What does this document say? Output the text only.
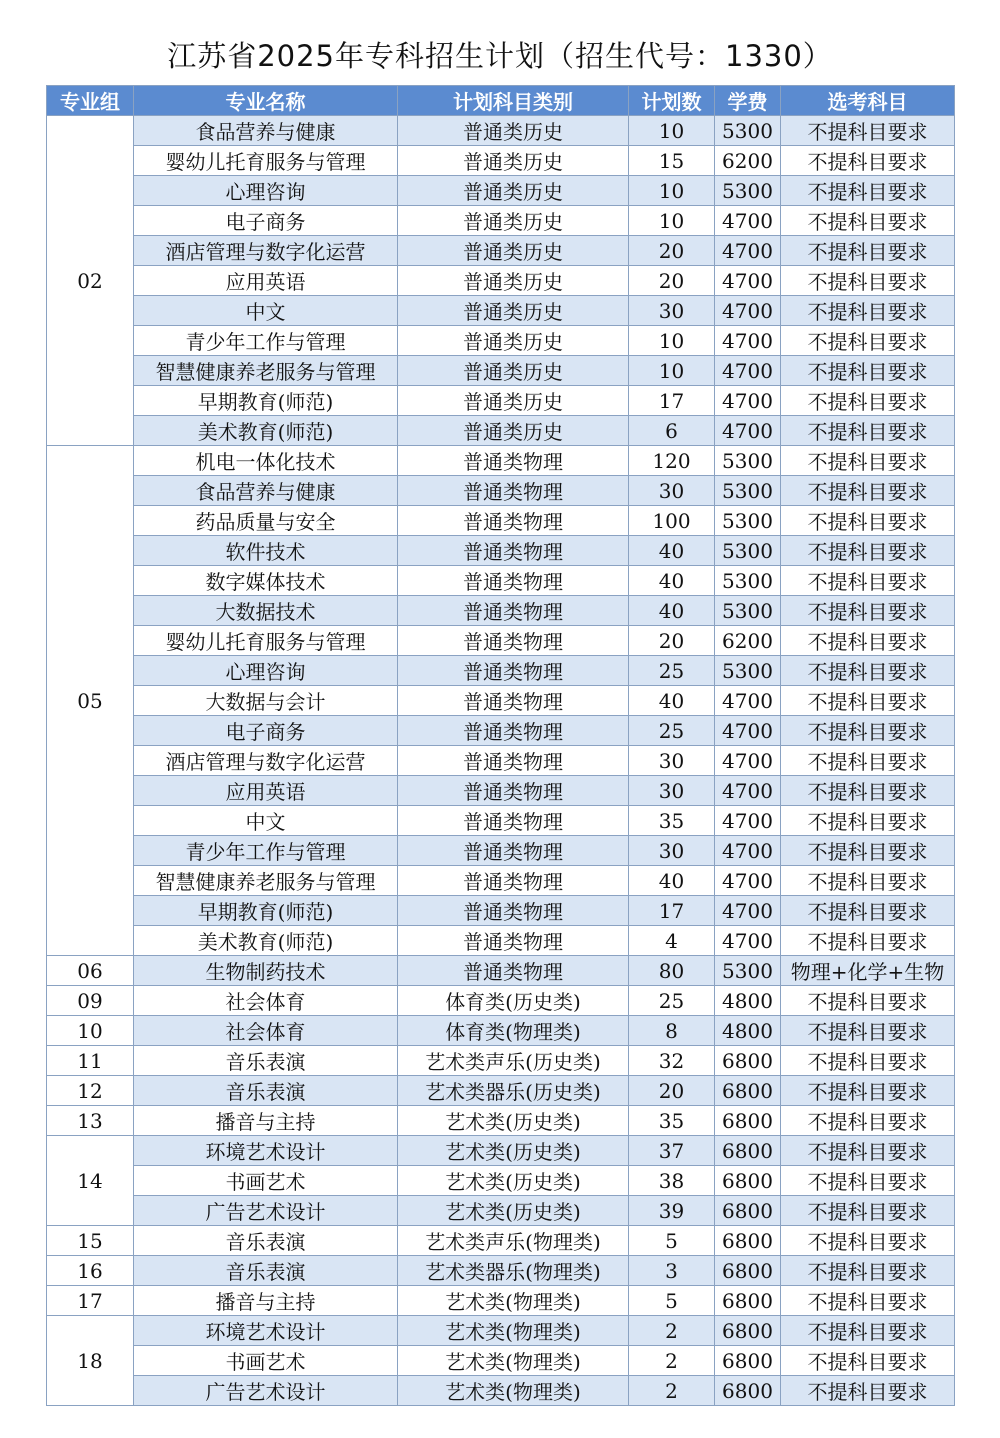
江苏省2025年专科招生计划（招生代号：1330）
专业组	专业名称	计划科目类别	计划数	学费	选考科目
02	食品营养与健康	普通类历史	10	5300	不提科目要求
	婴幼儿托育服务与管理	普通类历史	15	6200	不提科目要求
	心理咨询	普通类历史	10	5300	不提科目要求
	电子商务	普通类历史	10	4700	不提科目要求
	酒店管理与数字化运营	普通类历史	20	4700	不提科目要求
	应用英语	普通类历史	20	4700	不提科目要求
	中文	普通类历史	30	4700	不提科目要求
	青少年工作与管理	普通类历史	10	4700	不提科目要求
	智慧健康养老服务与管理	普通类历史	10	4700	不提科目要求
	早期教育(师范)	普通类历史	17	4700	不提科目要求
	美术教育(师范)	普通类历史	6	4700	不提科目要求
05	机电一体化技术	普通类物理	120	5300	不提科目要求
	食品营养与健康	普通类物理	30	5300	不提科目要求
	药品质量与安全	普通类物理	100	5300	不提科目要求
	软件技术	普通类物理	40	5300	不提科目要求
	数字媒体技术	普通类物理	40	5300	不提科目要求
	大数据技术	普通类物理	40	5300	不提科目要求
	婴幼儿托育服务与管理	普通类物理	20	6200	不提科目要求
	心理咨询	普通类物理	25	5300	不提科目要求
	大数据与会计	普通类物理	40	4700	不提科目要求
	电子商务	普通类物理	25	4700	不提科目要求
	酒店管理与数字化运营	普通类物理	30	4700	不提科目要求
	应用英语	普通类物理	30	4700	不提科目要求
	中文	普通类物理	35	4700	不提科目要求
	青少年工作与管理	普通类物理	30	4700	不提科目要求
	智慧健康养老服务与管理	普通类物理	40	4700	不提科目要求
	早期教育(师范)	普通类物理	17	4700	不提科目要求
	美术教育(师范)	普通类物理	4	4700	不提科目要求
06	生物制药技术	普通类物理	80	5300	物理+化学+生物
09	社会体育	体育类(历史类)	25	4800	不提科目要求
10	社会体育	体育类(物理类)	8	4800	不提科目要求
11	音乐表演	艺术类声乐(历史类)	32	6800	不提科目要求
12	音乐表演	艺术类器乐(历史类)	20	6800	不提科目要求
13	播音与主持	艺术类(历史类)	35	6800	不提科目要求
14	环境艺术设计	艺术类(历史类)	37	6800	不提科目要求
	书画艺术	艺术类(历史类)	38	6800	不提科目要求
	广告艺术设计	艺术类(历史类)	39	6800	不提科目要求
15	音乐表演	艺术类声乐(物理类)	5	6800	不提科目要求
16	音乐表演	艺术类器乐(物理类)	3	6800	不提科目要求
17	播音与主持	艺术类(物理类)	5	6800	不提科目要求
18	环境艺术设计	艺术类(物理类)	2	6800	不提科目要求
	书画艺术	艺术类(物理类)	2	6800	不提科目要求
	广告艺术设计	艺术类(物理类)	2	6800	不提科目要求
